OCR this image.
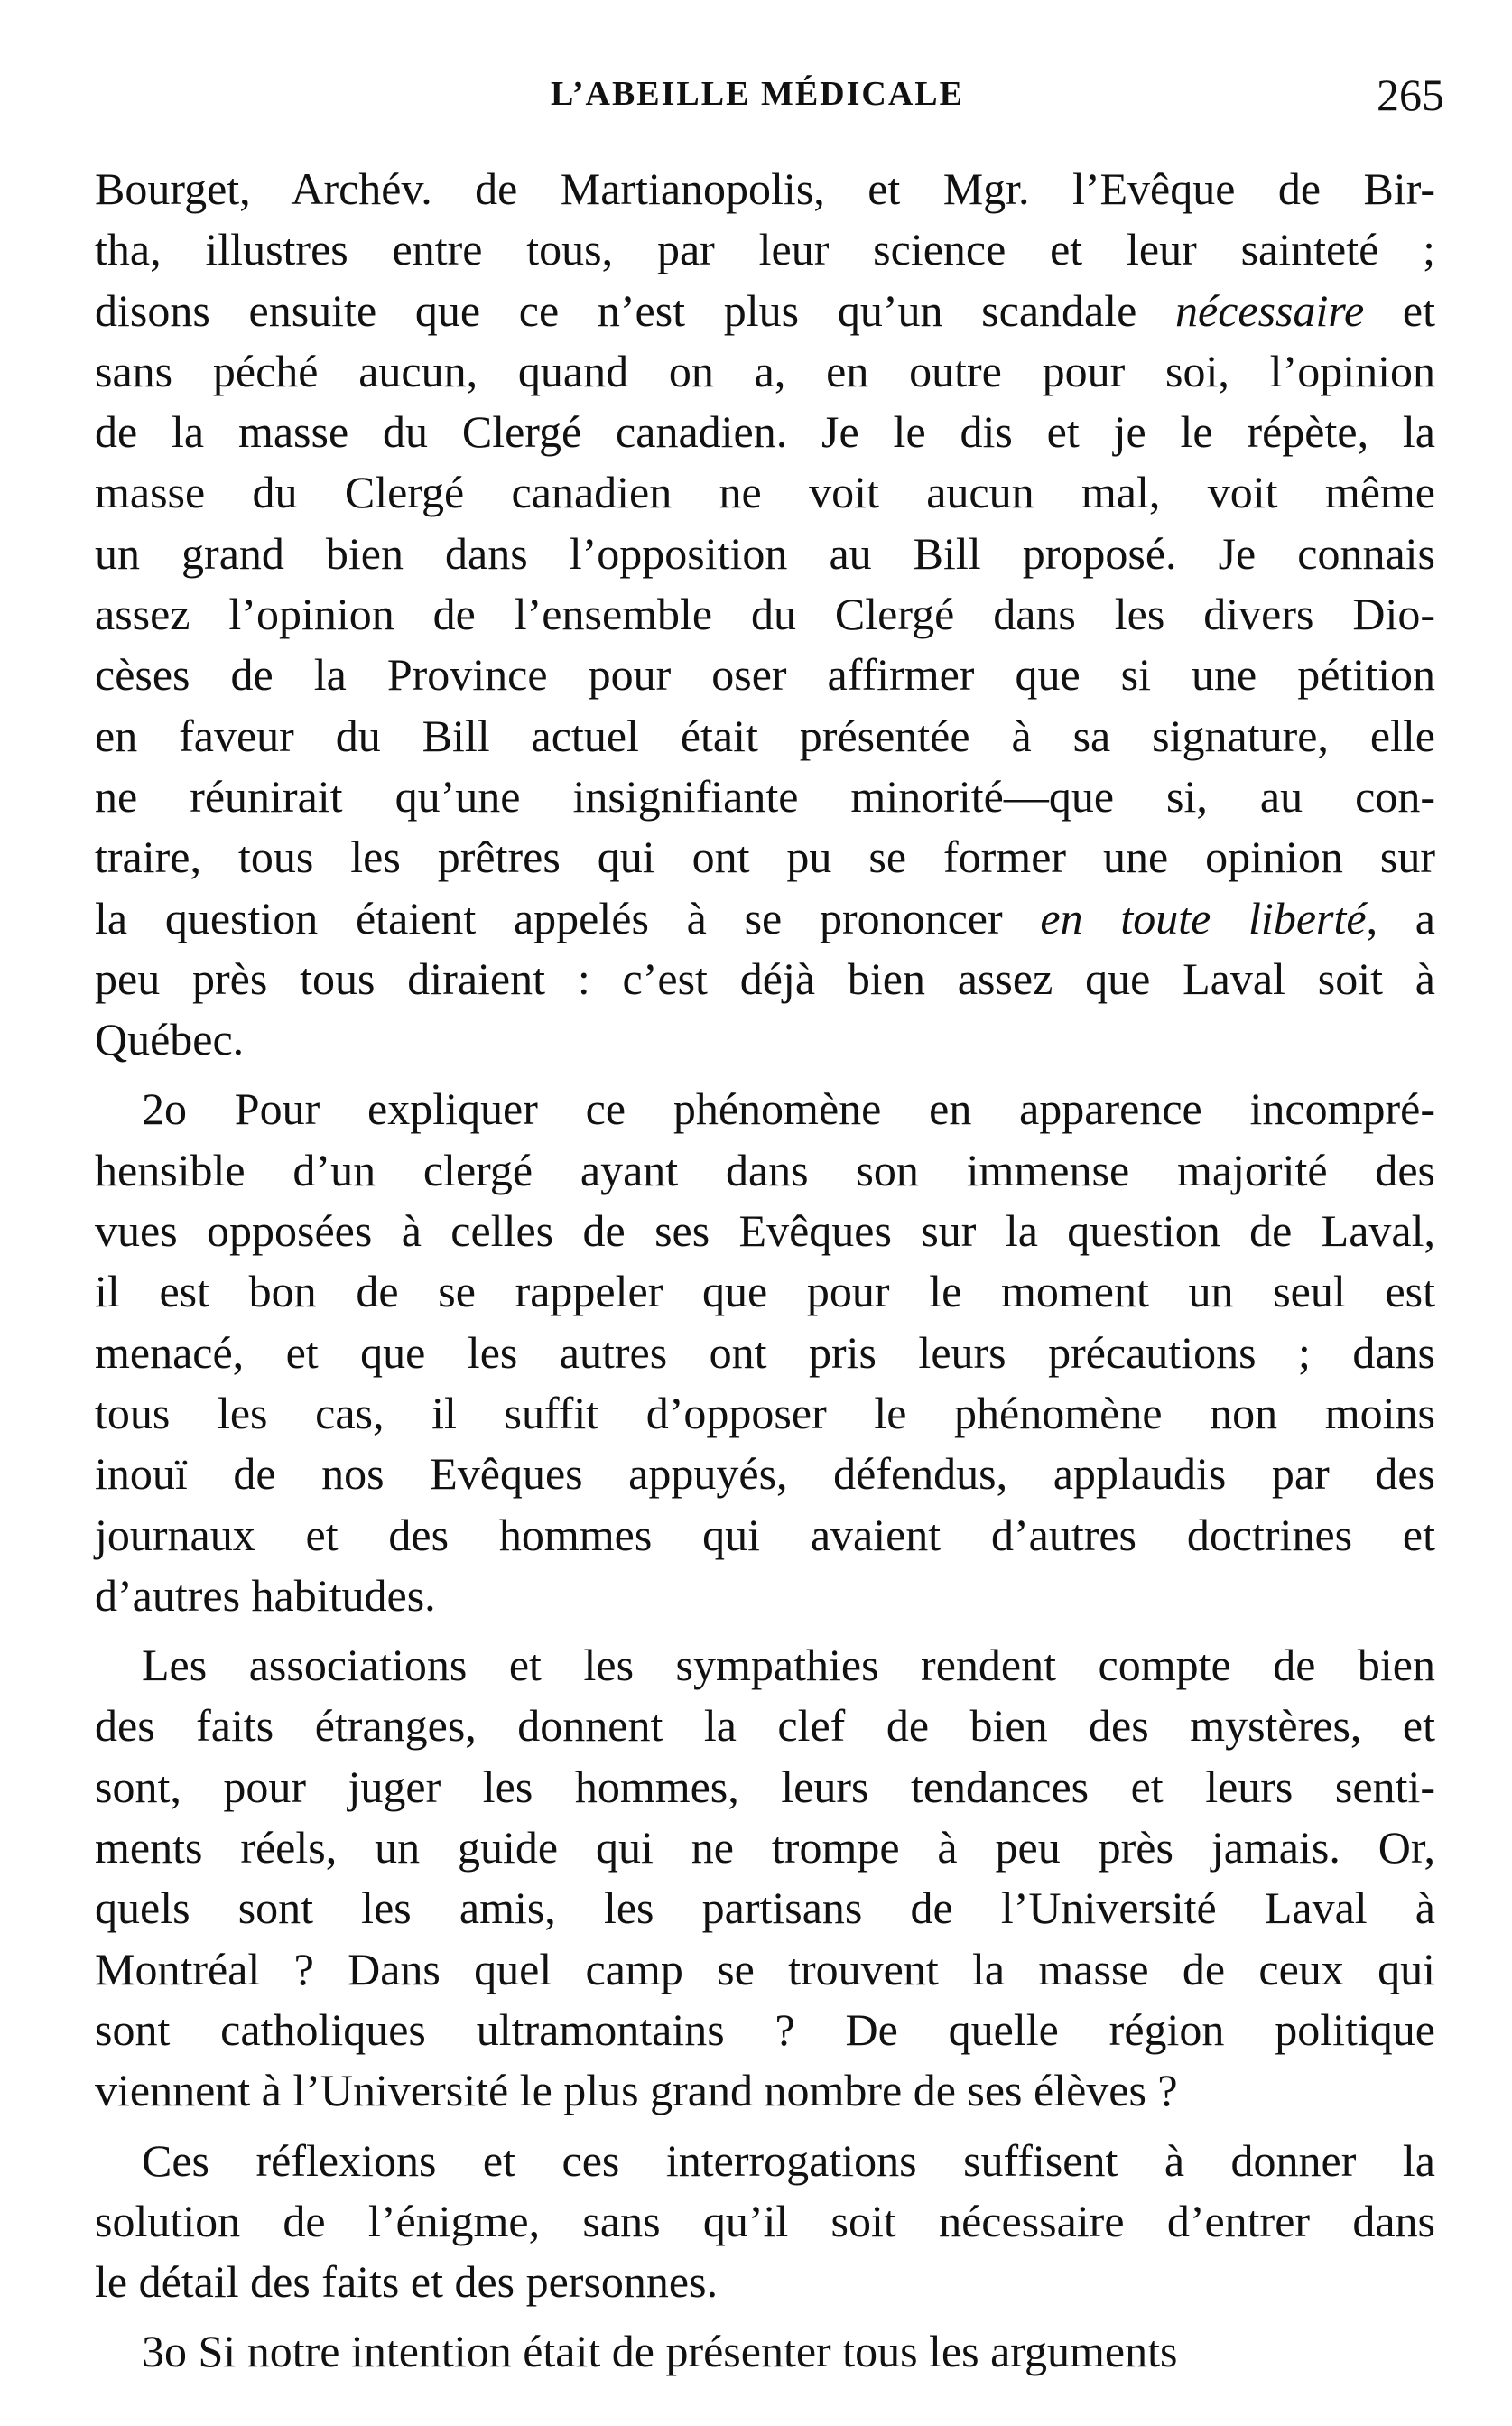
L’ABEILLE MÉDICALE	265
Bourget, Archév. de Martianopolis, et Mgr. l’Evêque de Bir-
tha, illustres entre tous, par leur science et leur sainteté ;
disons ensuite que ce n’est plus qu’un scandale nécessaire et
sans péché aucun, quand on a, en outre pour soi, l’opinion
de la masse du Clergé canadien. Je le dis et je le répète, la
masse du Clergé canadien ne voit aucun mal, voit même
un grand bien dans l’opposition au Bill proposé. Je connais
assez l’opinion de l’ensemble du Clergé dans les divers Dio-
cèses de la Province pour oser affirmer que si une pétition
en faveur du Bill actuel était présentée à sa signature, elle
ne réunirait qu’une insignifiante minorité—que si, au con-
traire, tous les prêtres qui ont pu se former une opinion sur
la question étaient appelés à se prononcer en toute liberté, a
peu près tous diraient : c’est déjà bien assez que Laval soit à
Québec.
2o Pour expliquer ce phénomène en apparence incompré-
hensible d’un clergé ayant dans son immense majorité des
vues opposées à celles de ses Evêques sur la question de Laval,
il est bon de se rappeler que pour le moment un seul est
menacé, et que les autres ont pris leurs précautions ; dans
tous les cas, il suffit d’opposer le phénomène non moins
inouï de nos Evêques appuyés, défendus, applaudis par des
journaux et des hommes qui avaient d’autres doctrines et
d’autres habitudes.
Les associations et les sympathies rendent compte de bien
des faits étranges, donnent la clef de bien des mystères, et
sont, pour juger les hommes, leurs tendances et leurs senti-
ments réels, un guide qui ne trompe à peu près jamais. Or,
quels sont les amis, les partisans de l’Université Laval à
Montréal ? Dans quel camp se trouvent la masse de ceux qui
sont catholiques ultramontains ? De quelle région politique
viennent à l’Université le plus grand nombre de ses élèves ?
Ces réflexions et ces interrogations suffisent à donner la
solution de l’énigme, sans qu’il soit nécessaire d’entrer dans
le détail des faits et des personnes.
3o Si notre intention était de présenter tous les arguments
